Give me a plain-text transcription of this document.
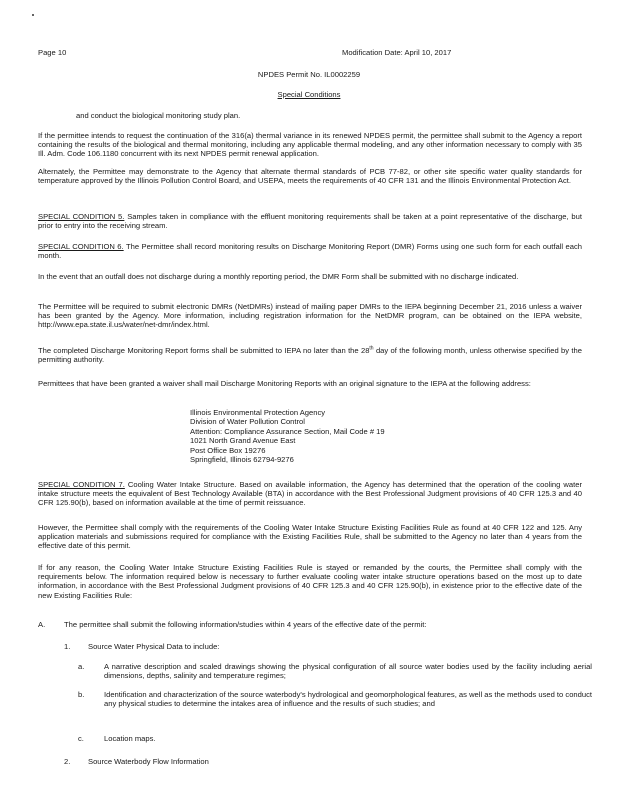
Page 10	Modification Date: April 10, 2017
NPDES Permit No. IL0002259
Special Conditions

and conduct the biological monitoring study plan.

If the permittee intends to request the continuation of the 316(a) thermal variance in its renewed NPDES permit, the permittee shall submit to the Agency a report containing the results of the biological and thermal monitoring, including any applicable thermal modeling, and any other information necessary to comply with 35 Ill. Adm. Code 106.1180 concurrent with its next NPDES permit renewal application.

Alternately, the Permittee may demonstrate to the Agency that alternate thermal standards of PCB 77-82, or other site specific water quality standards for temperature approved by the Illinois Pollution Control Board, and USEPA, meets the requirements of 40 CFR 131 and the Illinois Environmental Protection Act.

SPECIAL CONDITION 5. Samples taken in compliance with the effluent monitoring requirements shall be taken at a point representative of the discharge, but prior to entry into the receiving stream.

SPECIAL CONDITION 6. The Permittee shall record monitoring results on Discharge Monitoring Report (DMR) Forms using one such form for each outfall each month.

In the event that an outfall does not discharge during a monthly reporting period, the DMR Form shall be submitted with no discharge indicated.

The Permittee will be required to submit electronic DMRs (NetDMRs) instead of mailing paper DMRs to the IEPA beginning December 21, 2016 unless a waiver has been granted by the Agency. More information, including registration information for the NetDMR program, can be obtained on the IEPA website, http://www.epa.state.il.us/water/net-dmr/index.html.

The completed Discharge Monitoring Report forms shall be submitted to IEPA no later than the 28th day of the following month, unless otherwise specified by the permitting authority.

Permittees that have been granted a waiver shall mail Discharge Monitoring Reports with an original signature to the IEPA at the following address:

Illinois Environmental Protection Agency
Division of Water Pollution Control
Attention: Compliance Assurance Section, Mail Code # 19
1021 North Grand Avenue East
Post Office Box 19276
Springfield, Illinois 62794-9276

SPECIAL CONDITION 7. Cooling Water Intake Structure. Based on available information, the Agency has determined that the operation of the cooling water intake structure meets the equivalent of Best Technology Available (BTA) in accordance with the Best Professional Judgment provisions of 40 CFR 125.3 and 40 CFR 125.90(b), based on information available at the time of permit reissuance.

However, the Permittee shall comply with the requirements of the Cooling Water Intake Structure Existing Facilities Rule as found at 40 CFR 122 and 125. Any application materials and submissions required for compliance with the Existing Facilities Rule, shall be submitted to the Agency no later than 4 years from the effective date of this permit.

If for any reason, the Cooling Water Intake Structure Existing Facilities Rule is stayed or remanded by the courts, the Permittee shall comply with the requirements below. The information required below is necessary to further evaluate cooling water intake structure operations based on the most up to date information, in accordance with the Best Professional Judgment provisions of 40 CFR 125.3 and 40 CFR 125.90(b), in existence prior to the effective date of the new Existing Facilities Rule:

A. The permittee shall submit the following information/studies within 4 years of the effective date of the permit:
1. Source Water Physical Data to include:
a.	A narrative description and scaled drawings showing the physical configuration of all source water bodies used by the facility including aerial dimensions, depths, salinity and temperature regimes;
b.	Identification and characterization of the source waterbody's hydrological and geomorphological features, as well as the methods used to conduct any physical studies to determine the intakes area of influence and the results of such studies; and
c.	Location maps.
2. Source Waterbody Flow Information
